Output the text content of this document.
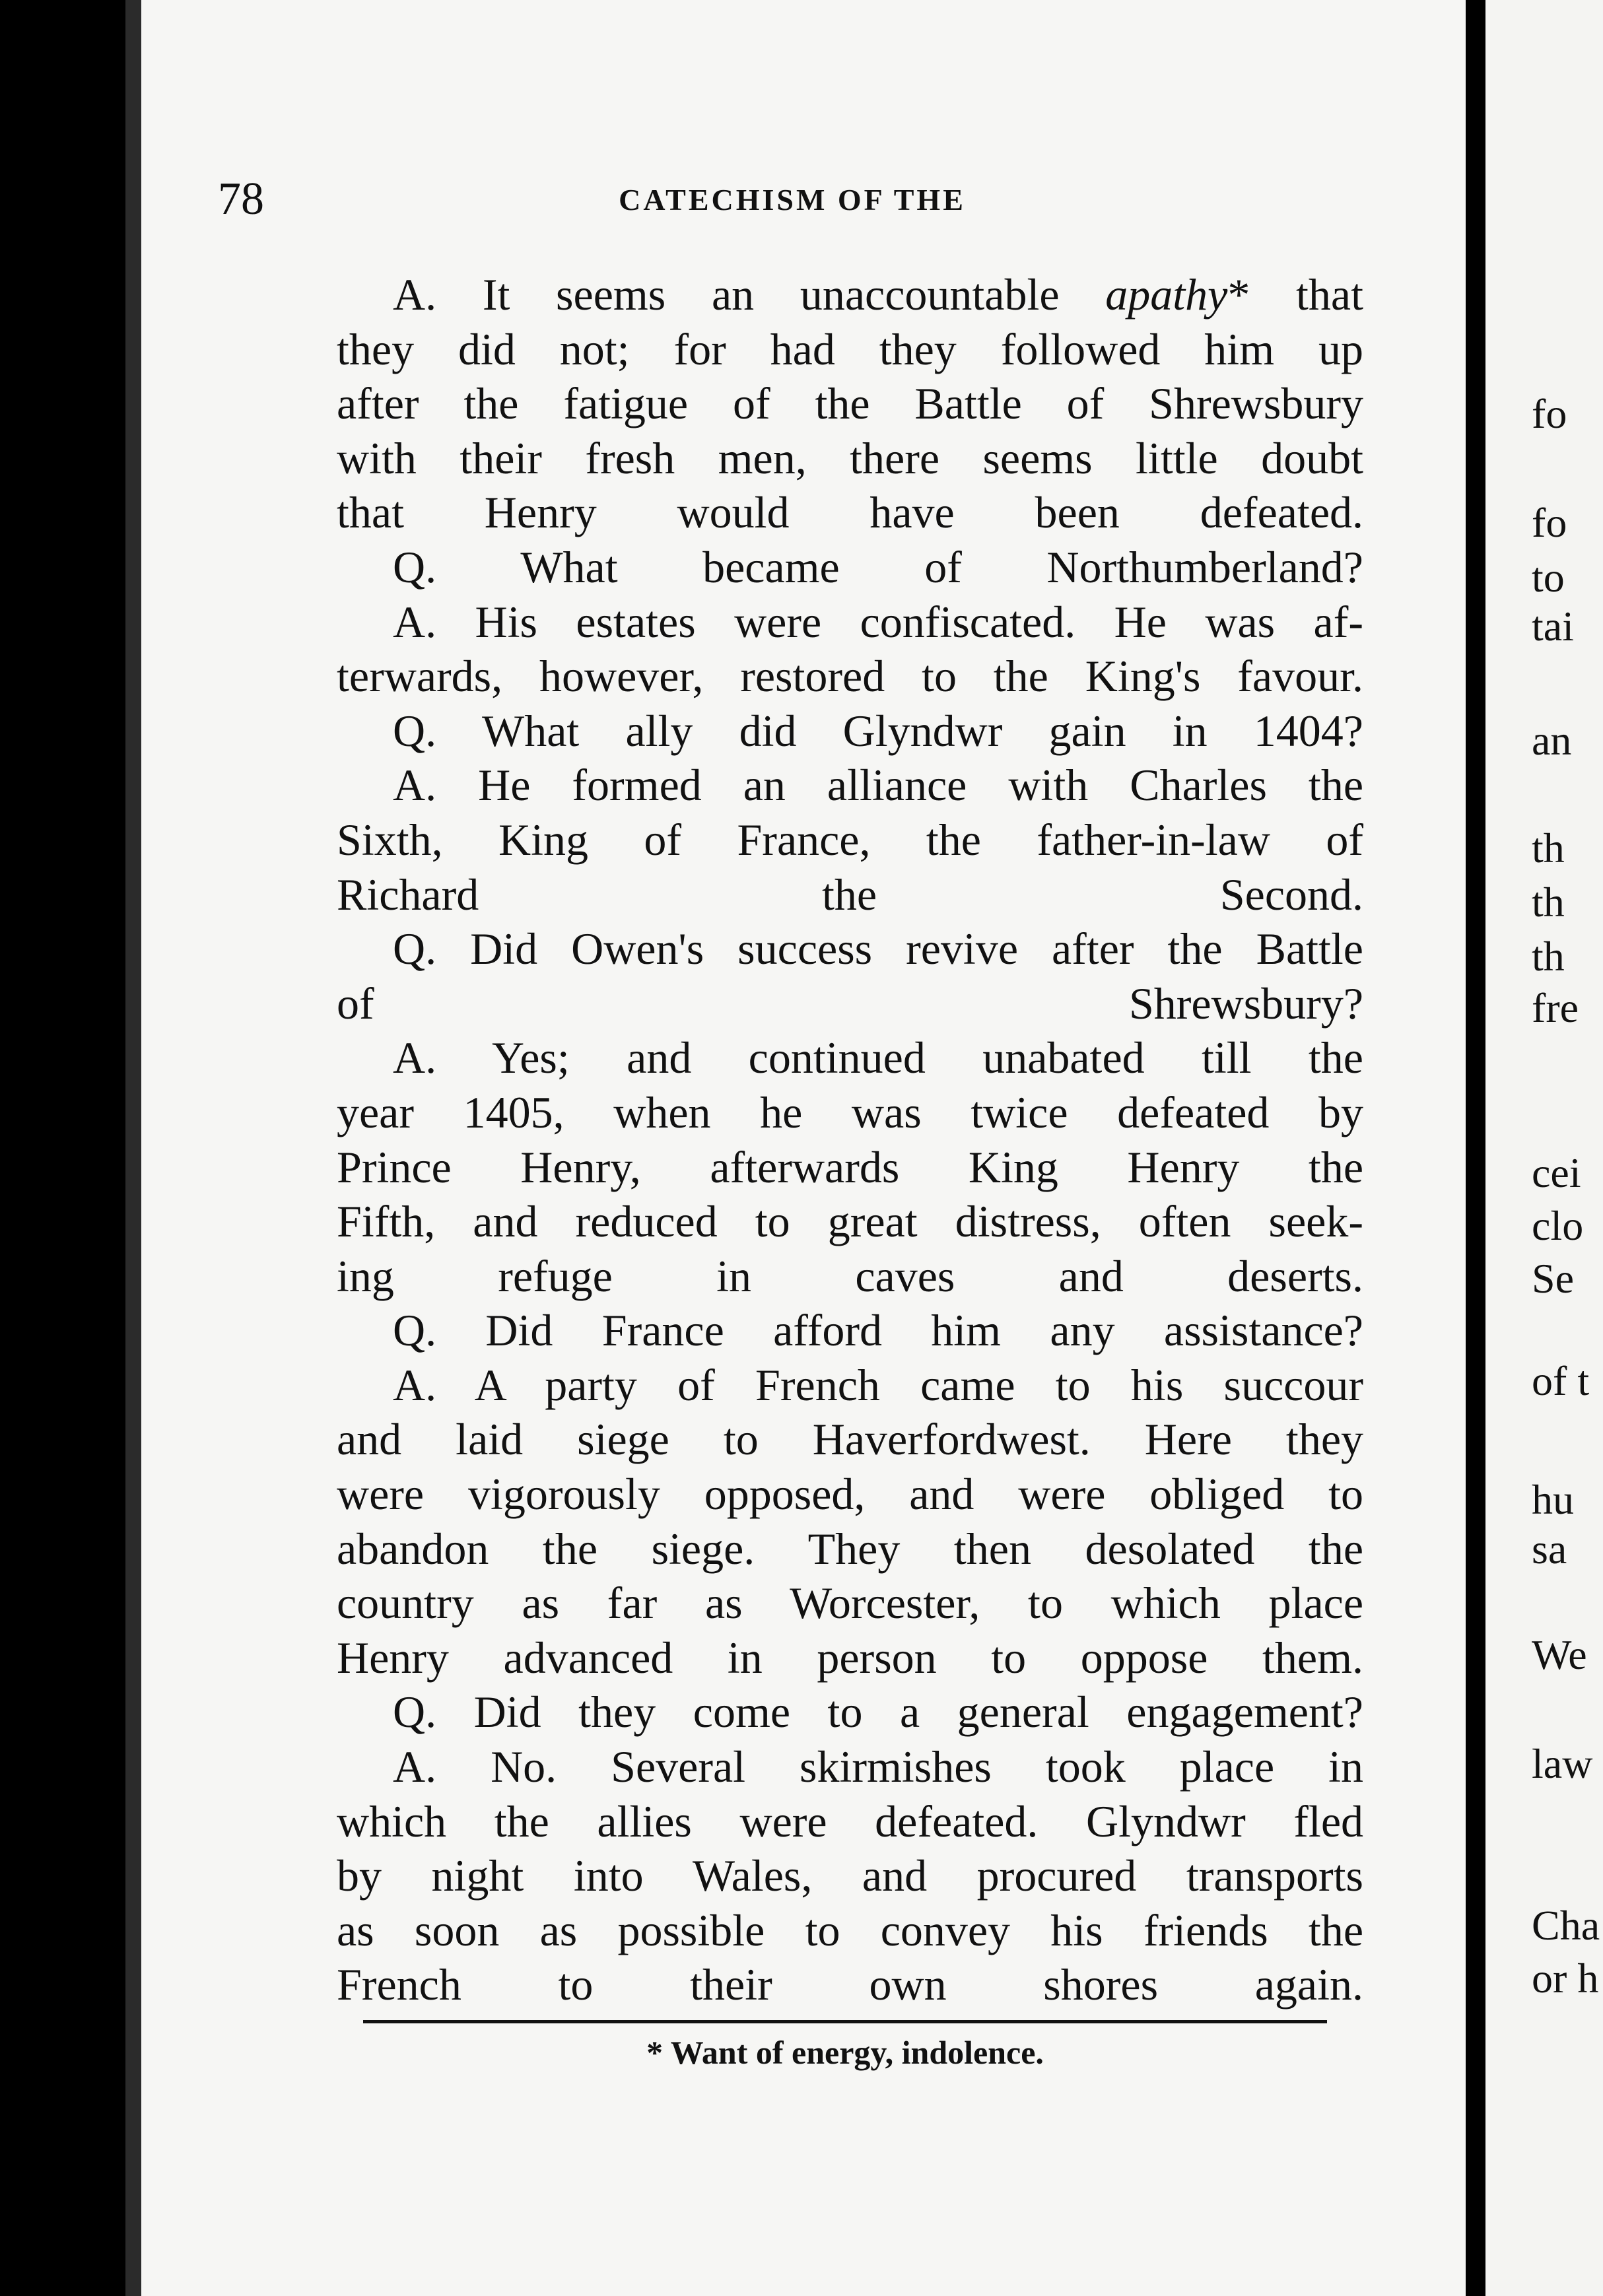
78	CATECHISM OF THE

A. It seems an unaccountable apathy* that
they did not; for had they followed him up
after the fatigue of the Battle of Shrewsbury
with their fresh men, there seems little doubt
that Henry would have been defeated.

Q. What became of Northumberland?

A. His estates were confiscated. He was af-
terwards, however, restored to the King's favour.

Q. What ally did Glyndwr gain in 1404?

A. He formed an alliance with Charles the
Sixth, King of France, the father-in-law of
Richard the Second.

Q. Did Owen's success revive after the Battle
of Shrewsbury?

A. Yes; and continued unabated till the
year 1405, when he was twice defeated by
Prince Henry, afterwards King Henry the
Fifth, and reduced to great distress, often seek-
ing refuge in caves and deserts.

Q. Did France afford him any assistance?

A. A party of French came to his succour
and laid siege to Haverfordwest. Here they
were vigorously opposed, and were obliged to
abandon the siege. They then desolated the
country as far as Worcester, to which place
Henry advanced in person to oppose them.

Q. Did they come to a general engagement?

A. No. Several skirmishes took place in
which the allies were defeated. Glyndwr fled
by night into Wales, and procured transports
as soon as possible to convey his friends the
French to their own shores again.

* Want of energy, indolence.
fo
fo
to
tai
an
th
th
th
fre
cei
clo
Se
of t
hu
sa
We
law
Cha
or h
